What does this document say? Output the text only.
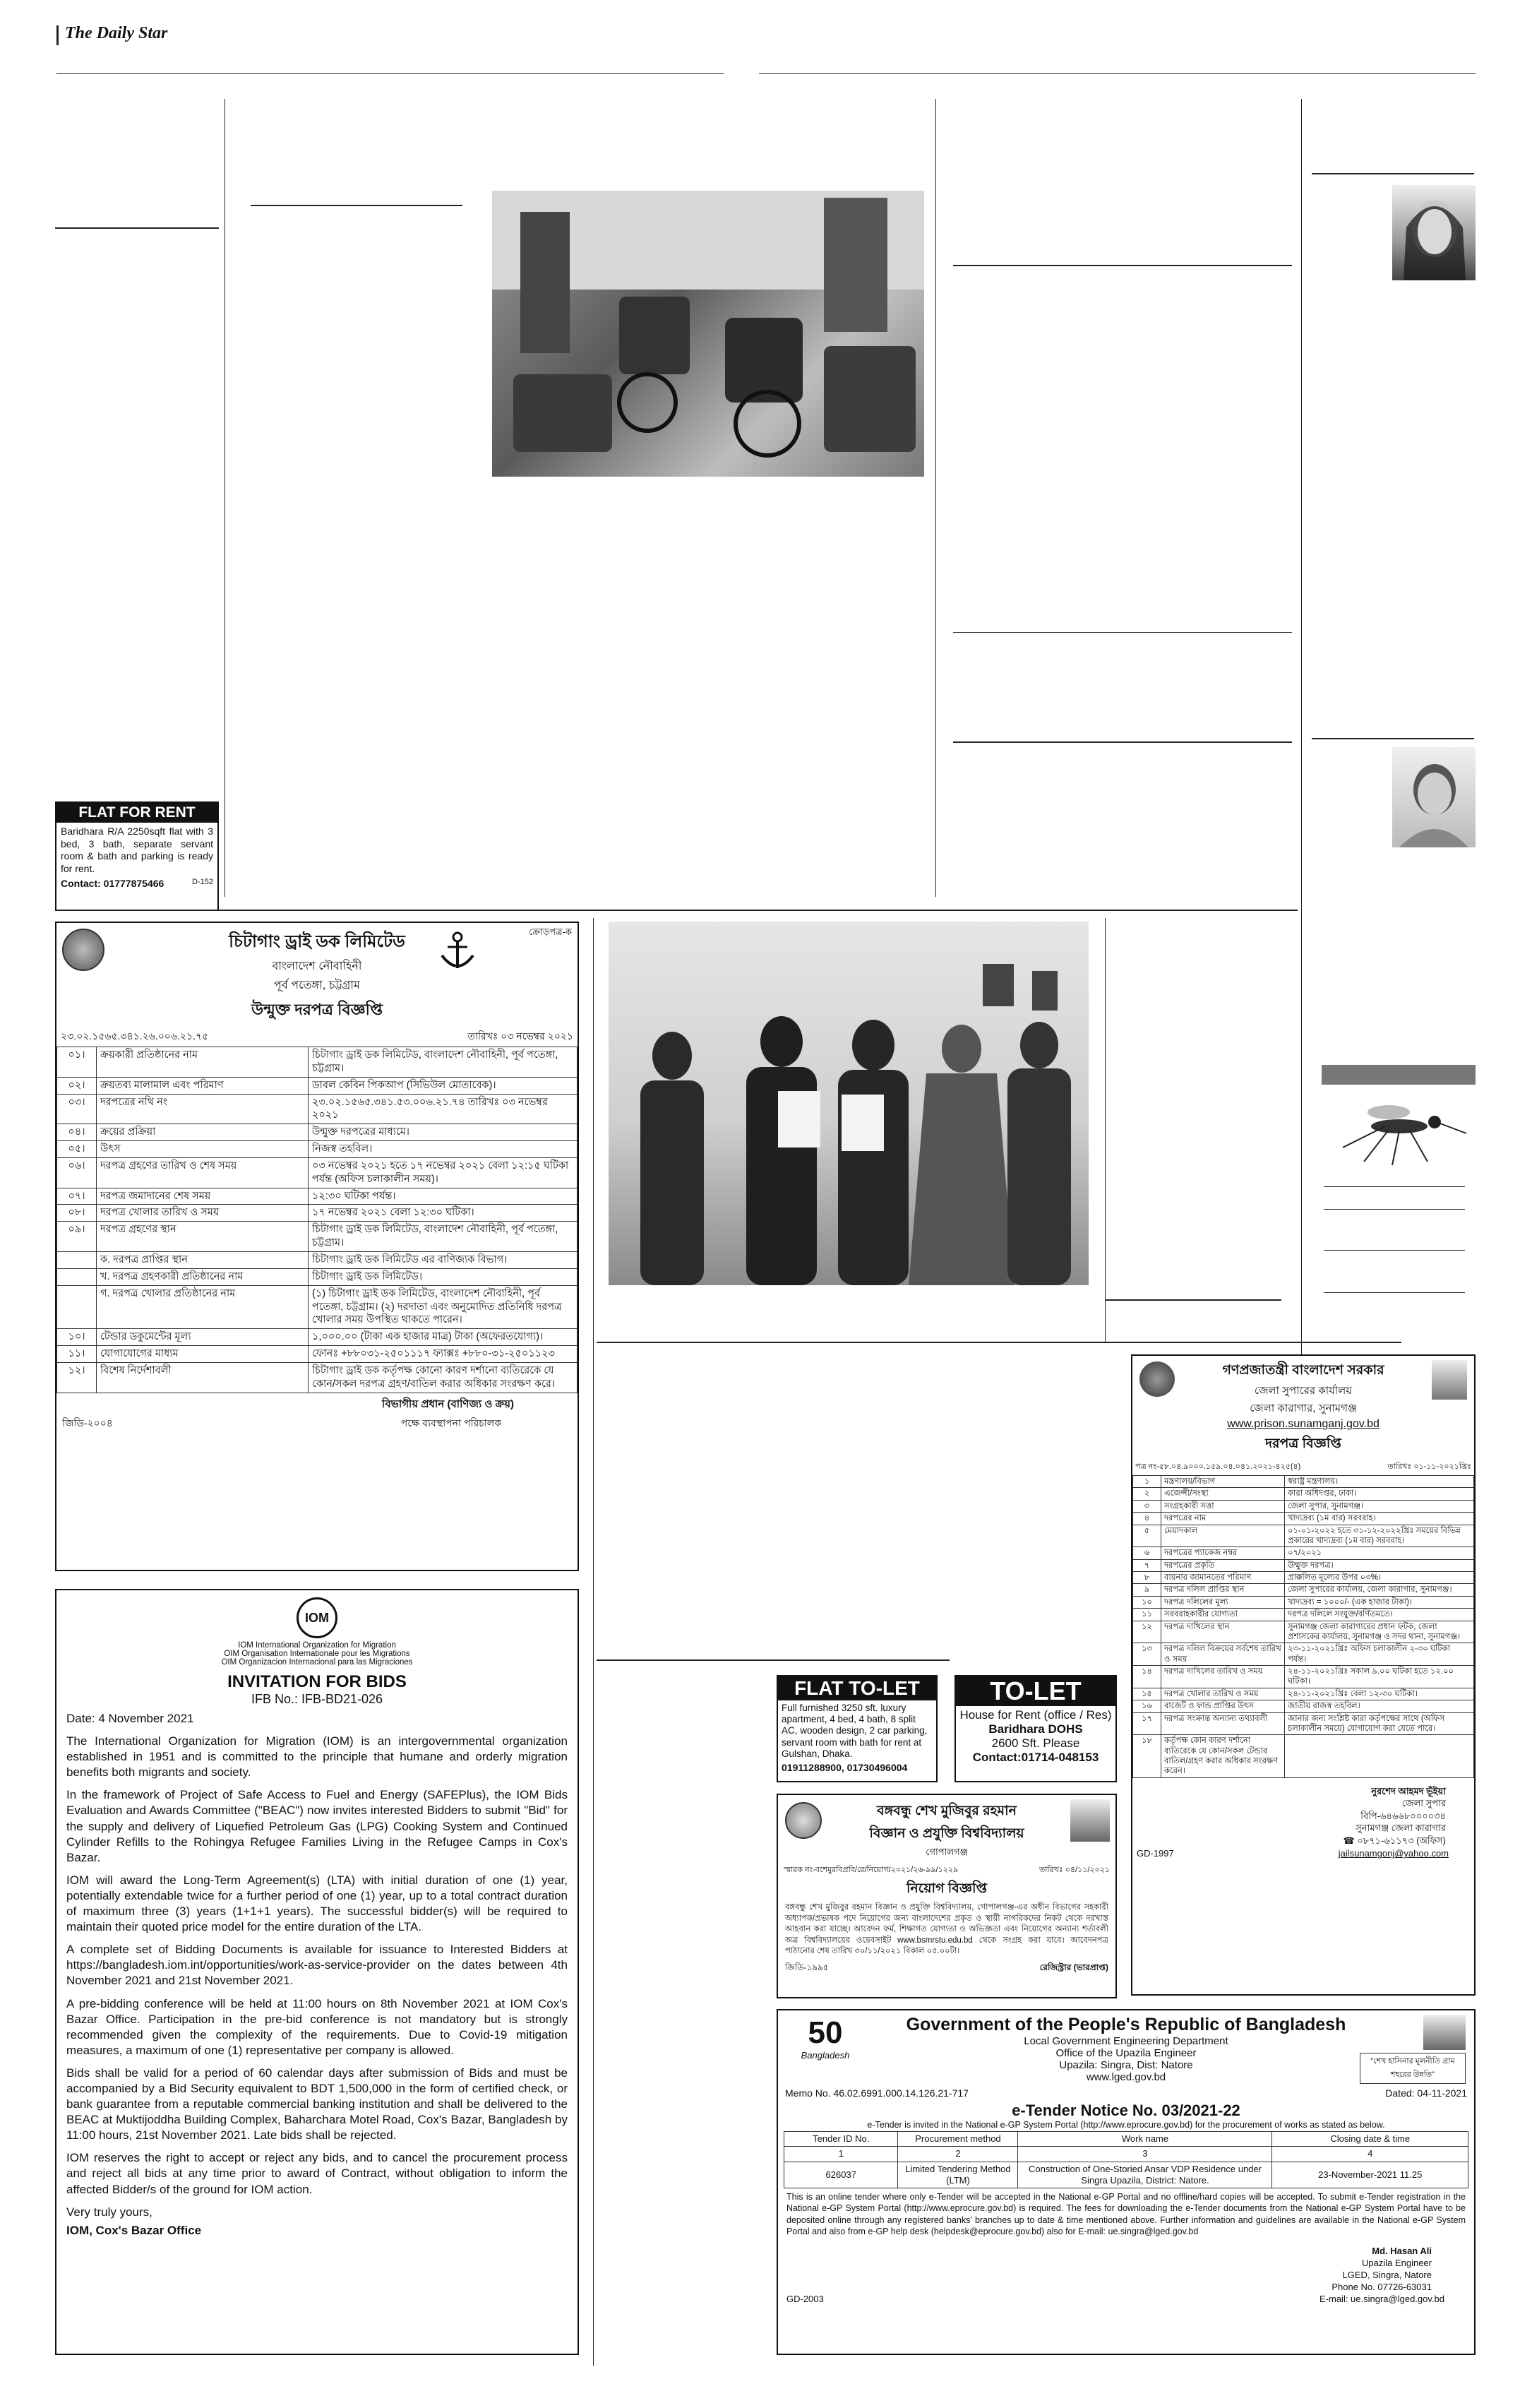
The Daily Star
FLAT FOR RENT
Baridhara R/A 2250sqft flat with 3 bed, 3 bath, separate servant room & bath and parking is ready for rent.
Contact: 01777875466	D-152
ক্রোড়পত্র-ক
চিটাগাং ড্রাই ডক লিমিটেড
বাংলাদেশ নৌবাহিনী
পূর্ব পতেঙ্গা, চট্টগ্রাম
উন্মুক্ত দরপত্র বিজ্ঞপ্তি
২৩.০২.১৫৬৫.৩৪১.২৬.০০৬.২১.৭৫	তারিখঃ ০৩ নভেম্বর ২০২১
০১।	ক্রয়কারী প্রতিষ্ঠানের নাম	চিটাগাং ড্রাই ডক লিমিটেড, বাংলাদেশ নৌবাহিনী, পূর্ব পতেঙ্গা, চট্টগ্রাম।
০২।	ক্রয়তব্য মালামাল এবং পরিমাণ	ডাবল কেবিন পিকআপ (সিভিউল মোতাবেক)।
০৩।	দরপত্রের নথি নং	২৩.০২.১৫৬৫.৩৪১.৫৩.০০৬.২১.৭৪ তারিখঃ ০৩ নভেম্বর ২০২১
০৪।	ক্রয়ের প্রক্রিয়া	উন্মুক্ত দরপত্রের মাধ্যমে।
০৫।	উৎস	নিজস্ব তহবিল।
০৬।	দরপত্র গ্রহণের তারিখ ও শেষ সময়	০৩ নভেম্বর ২০২১ হতে ১৭ নভেম্বর ২০২১ বেলা ১২:১৫ ঘটিকা পর্যন্ত (অফিস চলাকালীন সময়)।
০৭।	দরপত্র জমাদানের শেষ সময়	১২:৩০ ঘটিকা পর্যন্ত।
০৮।	দরপত্র খোলার তারিখ ও সময়	১৭ নভেম্বর ২০২১ বেলা ১২:৩০ ঘটিকা।
০৯।	দরপত্র গ্রহণের স্থান	চিটাগাং ড্রাই ডক লিমিটেড, বাংলাদেশ নৌবাহিনী, পূর্ব পতেঙ্গা, চট্টগ্রাম।
	ক. দরপত্র প্রাপ্তির স্থান	চিটাগাং ড্রাই ডক লিমিটেড এর বাণিজ্যক বিভাগ।
	খ. দরপত্র গ্রহণকারী প্রতিষ্ঠানের নাম	চিটাগাং ড্রাই ডক লিমিটেড।
	গ. দরপত্র খোলার প্রতিষ্ঠানের নাম	(১) চিটাগাং ড্রাই ডক লিমিটেড, বাংলাদেশ নৌবাহিনী, পূর্ব পতেঙ্গা, চট্টগ্রাম। (২) দরদাতা এবং অনুমোদিত প্রতিনিধি দরপত্র খোলার সময় উপস্থিত থাকতে পারেন।
১০।	টেন্ডার ডকুমেন্টের মূল্য	১,০০০.০০ (টাকা এক হাজার মাত্র) টাকা (অফেরতযোগ্য)।
১১।	যোগাযোগের মাধ্যম	ফোনঃ +৮৮০৩১-২৫০১১১৭ ফ্যাক্সঃ +৮৮০-৩১-২৫০১১২৩
১২।	বিশেষ নির্দেশাবলী	চিটাগাং ড্রাই ডক কর্তৃপক্ষ কোনো কারণ দর্শানো ব্যতিরেকে যে কোন/সকল দরপত্র গ্রহণ/বাতিল করার অধিকার সংরক্ষণ করে।
বিভাগীয় প্রধান (বাণিজ্য ও ক্রয়)
জিডি-২০০৪	পক্ষে ব্যবস্থাপনা পরিচালক
IOM
IOM International Organization for Migration
OIM Organisation Internationale pour les Migrations
OIM Organizacion Internacional para las Migraciones
INVITATION FOR BIDS
IFB No.: IFB-BD21-026

Date: 4 November 2021

The International Organization for Migration (IOM) is an intergovernmental organization established in 1951 and is committed to the principle that humane and orderly migration benefits both migrants and society.

In the framework of Project of Safe Access to Fuel and Energy (SAFEPlus), the IOM Bids Evaluation and Awards Committee ("BEAC") now invites interested Bidders to submit "Bid" for the supply and delivery of Liquefied Petroleum Gas (LPG) Cooking System and Continued Cylinder Refills to the Rohingya Refugee Families Living in the Refugee Camps in Cox's Bazar.

IOM will award the Long-Term Agreement(s) (LTA) with initial duration of one (1) year, potentially extendable twice for a further period of one (1) year, up to a total contract duration of maximum three (3) years (1+1+1 years). The successful bidder(s) will be required to maintain their quoted price model for the entire duration of the LTA.

A complete set of Bidding Documents is available for issuance to Interested Bidders at https://bangladesh.iom.int/opportunities/work-as-service-provider on the dates between 4th November 2021 and 21st November 2021.

A pre-bidding conference will be held at 11:00 hours on 8th November 2021 at IOM Cox's Bazar Office. Participation in the pre-bid conference is not mandatory but is strongly recommended given the complexity of the requirements. Due to Covid-19 mitigation measures, a maximum of one (1) representative per company is allowed.

Bids shall be valid for a period of 60 calendar days after submission of Bids and must be accompanied by a Bid Security equivalent to BDT 1,500,000 in the form of certified check, or bank guarantee from a reputable commercial banking institution and shall be delivered to the BEAC at Muktijoddha Building Complex, Baharchara Motel Road, Cox's Bazar, Bangladesh by 11:00 hours, 21st November 2021. Late bids shall be rejected.

IOM reserves the right to accept or reject any bids, and to cancel the procurement process and reject all bids at any time prior to award of Contract, without obligation to inform the affected Bidder/s of the ground for IOM action.

Very truly yours,

IOM, Cox's Bazar Office

গণপ্রজাতন্ত্রী বাংলাদেশ সরকার
জেলা সুপারের কার্যালয়
জেলা কারাগার, সুনামগঞ্জ
www.prison.sunamganj.gov.bd
দরপত্র বিজ্ঞপ্তি
পত্র নং-৫৮.০৪.৯০০০.১৫৯.০৪.০৪১.২০২১-৪২৫(৪)	তারিখঃ ০১-১১-২০২১খ্রিঃ
১	মন্ত্রণালয়/বিভাগ	স্বরাষ্ট্র মন্ত্রণালয়।
২	এজেন্সী/সংস্থা	কারা অধিদপ্তর, ঢাকা।
৩	সংগ্রহকারী সত্তা	জেলা সুপার, সুনামগঞ্জ।
৪	দরপত্রের নাম	খাদ্যদ্রব্য (১ম বার) সরবরাহ।
৫	মেয়াদকাল	০১-০১-২০২২ হতে ৩১-১২-২০২২খ্রিঃ সময়ের বিভিন্ন প্রকারের খাদ্যদ্রব্য (১ম বার) সরবরাহ।
৬	দরপত্রের প্যাকেজ নম্বর	০৭/২০২১
৭	দরপত্রের প্রকৃতি	উন্মুক্ত দরপত্র।
৮	বায়নার জামানতের পরিমাণ	প্রাক্কলিত মূল্যের উপর ০৩%।
৯	দরপত্র দলিল প্রাপ্তির স্থান	জেলা সুপারের কার্যালয়, জেলা কারাগার, সুনামগঞ্জ।
১০	দরপত্র দলিলের মূল্য	খাদ্যদ্রব্য = ১০০০/- (এক হাজার টাকা)।
১১	সরবরাহকারীর যোগ্যতা	দরপত্র দলিলে সংযুক্ত/বর্ণিতমতে।
১২	দরপত্র দাখিলের স্থান	সুনামগঞ্জ জেলা কারাগারের প্রধান ফটক, জেলা প্রশাসকের কার্যালয়, সুনামগঞ্জ ও সদর থানা, সুনামগঞ্জ।
১৩	দরপত্র দলিল বিক্রয়ের সর্বশেষ তারিখ ও সময়	২৩-১১-২০২১খ্রিঃ অফিস চলাকালীন ২-৩০ ঘটিকা পর্যন্ত।
১৪	দরপত্র দাখিলের তারিখ ও সময়	২৪-১১-২০২১খ্রিঃ সকাল ৯.০০ ঘটিকা হতে ১২.০০ ঘটিকা।
১৫	দরপত্র খোলার তারিখ ও সময়	২৪-১১-২০২১খ্রিঃ বেলা ১২-৩০ ঘটিকা।
১৬	বাজেট ও ফান্ড প্রাপ্তির উৎস	জাতীয় রাজস্ব তহবিল।
১৭	দরপত্র সংক্রান্ত অন্যান্য তথ্যাবলী	জানার জন্য সংশ্লিষ্ট কারা কর্তৃপক্ষের সাথে (অফিস চলাকালীন সময়ে) যোগাযোগ করা যেতে পারে।
১৮	কর্তৃপক্ষ কোন কারণ দর্শানো ব্যতিরেকে যে কোন/সকল টেন্ডার বাতিল/গ্রহণ করার অধিকার সংরক্ষণ করেন।	
নুরশেদ আহমদ ভূঁইয়া
জেলা সুপার
বিপি-৬৪৬৬৮০০০০৩৪
সুনামগঞ্জ জেলা কারাগার
☎ ০৮৭১-৬১১৭৩ (অফিস)
GD-1997	jailsunamgonj@yahoo.com
FLAT TO-LET
Full furnished 3250 sft. luxury apartment, 4 bed, 4 bath, 8 split AC, wooden design, 2 car parking, servant room with bath for rent at Gulshan, Dhaka.
01911288900, 01730496004
TO-LET
House for Rent (office / Res)
Baridhara DOHS
2600 Sft. Please
Contact:01714-048153
বঙ্গবন্ধু শেখ মুজিবুর রহমান
বিজ্ঞান ও প্রযুক্তি বিশ্ববিদ্যালয়
গোপালগঞ্জ
স্মারক নং-বশেমুরবিপ্রবি/রে/নিয়োগ/২০২১/২৬-৯৯/১২২৯	তারিখঃ ০৪/১১/২০২১
নিয়োগ বিজ্ঞপ্তি
বঙ্গবন্ধু শেখ মুজিবুর রহমান বিজ্ঞান ও প্রযুক্তি বিশ্ববিদ্যালয়, গোপালগঞ্জ-এর অধীন বিভাগের সহকারী অধ্যাপক/প্রভাষক পদে নিয়োগের জন্য বাংলাদেশের প্রকৃত ও স্থায়ী নাগরিকদের নিকট থেকে দরখাস্ত আহবান করা যাচ্ছে। আবেদন ফর্ম, শিক্ষাগত যোগ্যতা ও অভিজ্ঞতা এবং নিয়োগের অন্যান্য শর্তাবলী অত্র বিশ্ববিদ্যালয়ের ওয়েবসাইট www.bsmrstu.edu.bd থেকে সংগ্রহ করা যাবে। আবেদনপত্র পাঠানোর শেষ তারিখ ৩০/১১/২০২১ বিকাল ০৫.০০টা।
জিডি-১৯৯৫	রেজিস্ট্রার (ভারপ্রাপ্ত)
50
Bangladesh
"শেখ হাসিনার মূলনীতি গ্রাম শহরের উন্নতি"
Government of the People's Republic of Bangladesh
Local Government Engineering Department
Office of the Upazila Engineer
Upazila: Singra, Dist: Natore
www.lged.gov.bd
Memo No. 46.02.6991.000.14.126.21-717	Dated: 04-11-2021
e-Tender Notice No. 03/2021-22
e-Tender is invited in the National e-GP System Portal (http://www.eprocure.gov.bd) for the procurement of works as stated as below.
Tender ID No.	Procurement method	Work name	Closing date & time
1	2	3	4
626037	Limited Tendering Method (LTM)	Construction of One-Storied Ansar VDP Residence under Singra Upazila, District: Natore.	23-November-2021 11.25
This is an online tender where only e-Tender will be accepted in the National e-GP Portal and no offline/hard copies will be accepted. To submit e-Tender registration in the National e-GP System Portal (http://www.eprocure.gov.bd) is required. The fees for downloading the e-Tender documents from the National e-GP System Portal have to be deposited online through any registered banks' branches up to date & time mentioned above. Further information and guidelines are available in the National e-GP System Portal and also from e-GP help desk (helpdesk@eprocure.gov.bd) also for E-mail: ue.singra@lged.gov.bd
Md. Hasan Ali
Upazila Engineer
LGED, Singra, Natore
Phone No. 07726-63031
GD-2003	E-mail: ue.singra@lged.gov.bd
